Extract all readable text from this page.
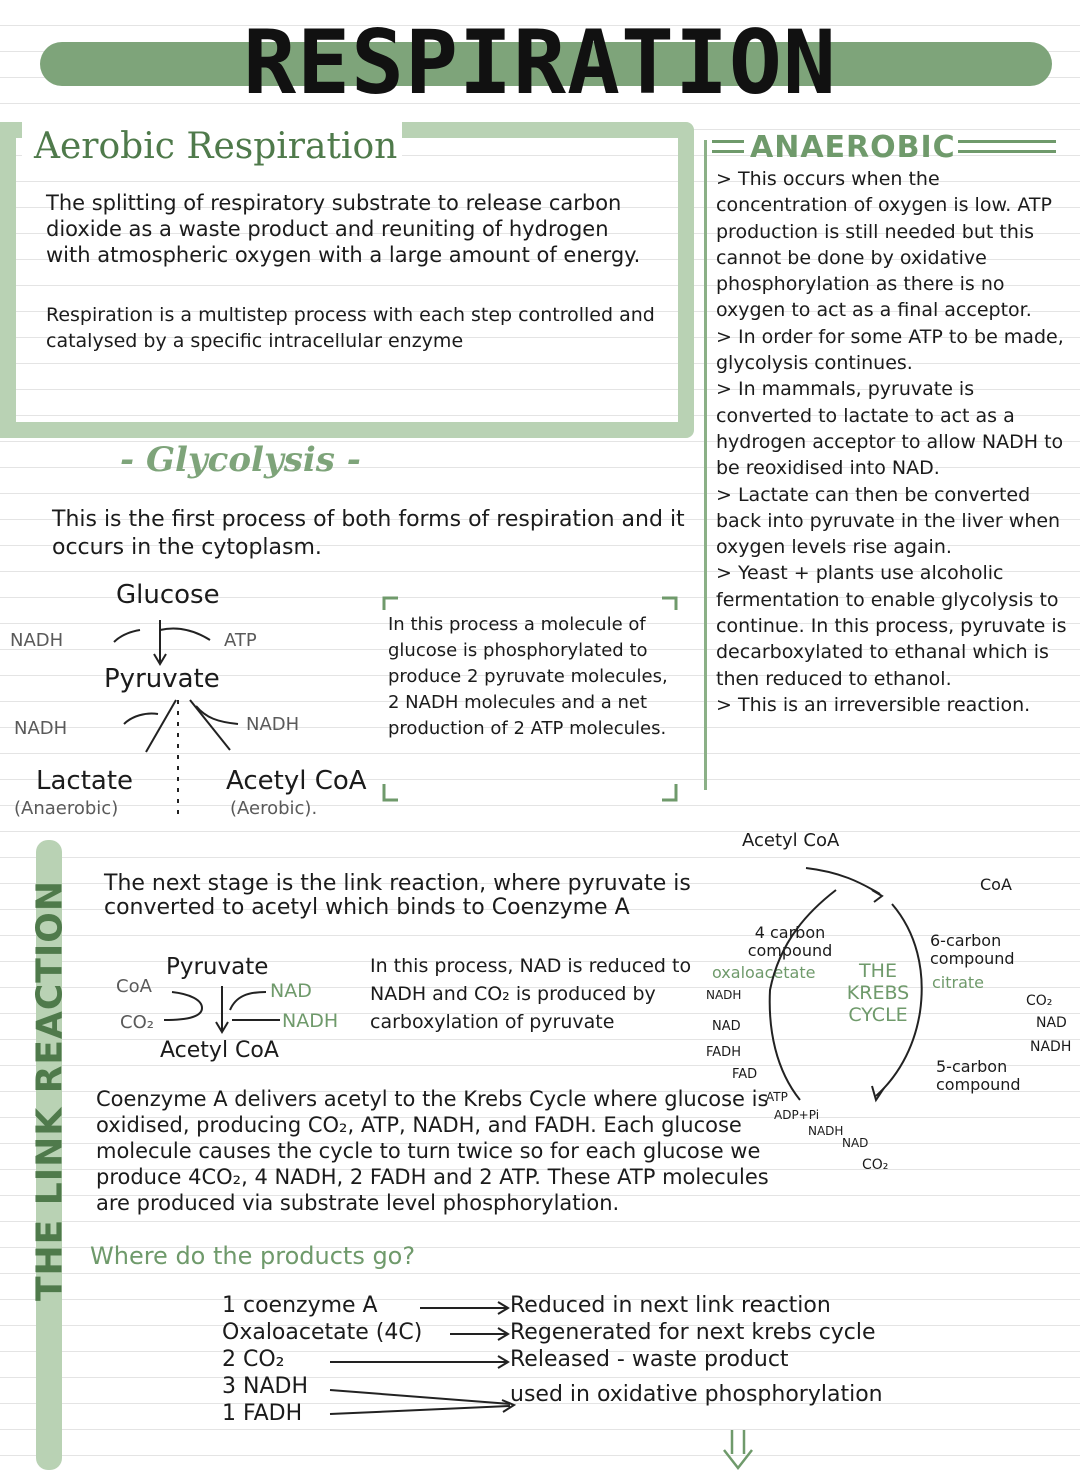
RESPIRATION
Aerobic Respiration
The splitting of respiratory substrate to release carbon dioxide as a waste product and reuniting of hydrogen with atmospheric oxygen with a large amount of energy.
Respiration is a multistep process with each step controlled and catalysed by a specific intracellular enzyme
ANAEROBIC

> This occurs when the concentration of oxygen is low. ATP production is still needed but this cannot be done by oxidative phosphorylation as there is no oxygen to act as a final acceptor.

> In order for some ATP to be made, glycolysis continues.

> In mammals, pyruvate is converted to lactate to act as a hydrogen acceptor to allow NADH to be reoxidised into NAD.

> Lactate can then be converted back into pyruvate in the liver when oxygen levels rise again.

> Yeast + plants use alcoholic fermentation to enable glycolysis to continue. In this process, pyruvate is decarboxylated to ethanal which is then reduced to ethanol.

> This is an irreversible reaction.

- Glycolysis -
This is the first process of both forms of respiration and it occurs in the cytoplasm.
Glucose
NADH	ATP
Pyruvate
NADH	NADH
Lactate
(Anaerobic)
Acetyl CoA
(Aerobic).
In this process a molecule of glucose is phosphorylated to produce 2 pyruvate molecules, 2 NADH molecules and a net production of 2 ATP molecules.
THE LINK REACTION The next stage is the link reaction, where pyruvate is converted to acetyl which binds to Coenzyme A
Pyruvate
CoA
CO₂
NAD
NADH
Acetyl CoA
In this process, NAD is reduced to NADH and CO₂ is produced by carboxylation of pyruvate
Acetyl CoA
CoA
4 carbon compound
oxaloacetate
6-carbon compound
citrate
THE KREBS CYCLE
5-carbon compound
CO₂
NAD
NADH
NADH
NAD
FADH
FAD
ATP
ADP+Pi
NADH
NAD
CO₂
Coenzyme A delivers acetyl to the Krebs Cycle where glucose is oxidised, producing CO₂, ATP, NADH, and FADH. Each glucose molecule causes the cycle to turn twice so for each glucose we produce 4CO₂, 4 NADH, 2 FADH and 2 ATP. These ATP molecules are produced via substrate level phosphorylation.
Where do the products go?
1 coenzyme A
Oxaloacetate (4C)
2 CO₂
3 NADH
1 FADH
Reduced in next link reaction
Regenerated for next krebs cycle
Released - waste product
used in oxidative phosphorylation
